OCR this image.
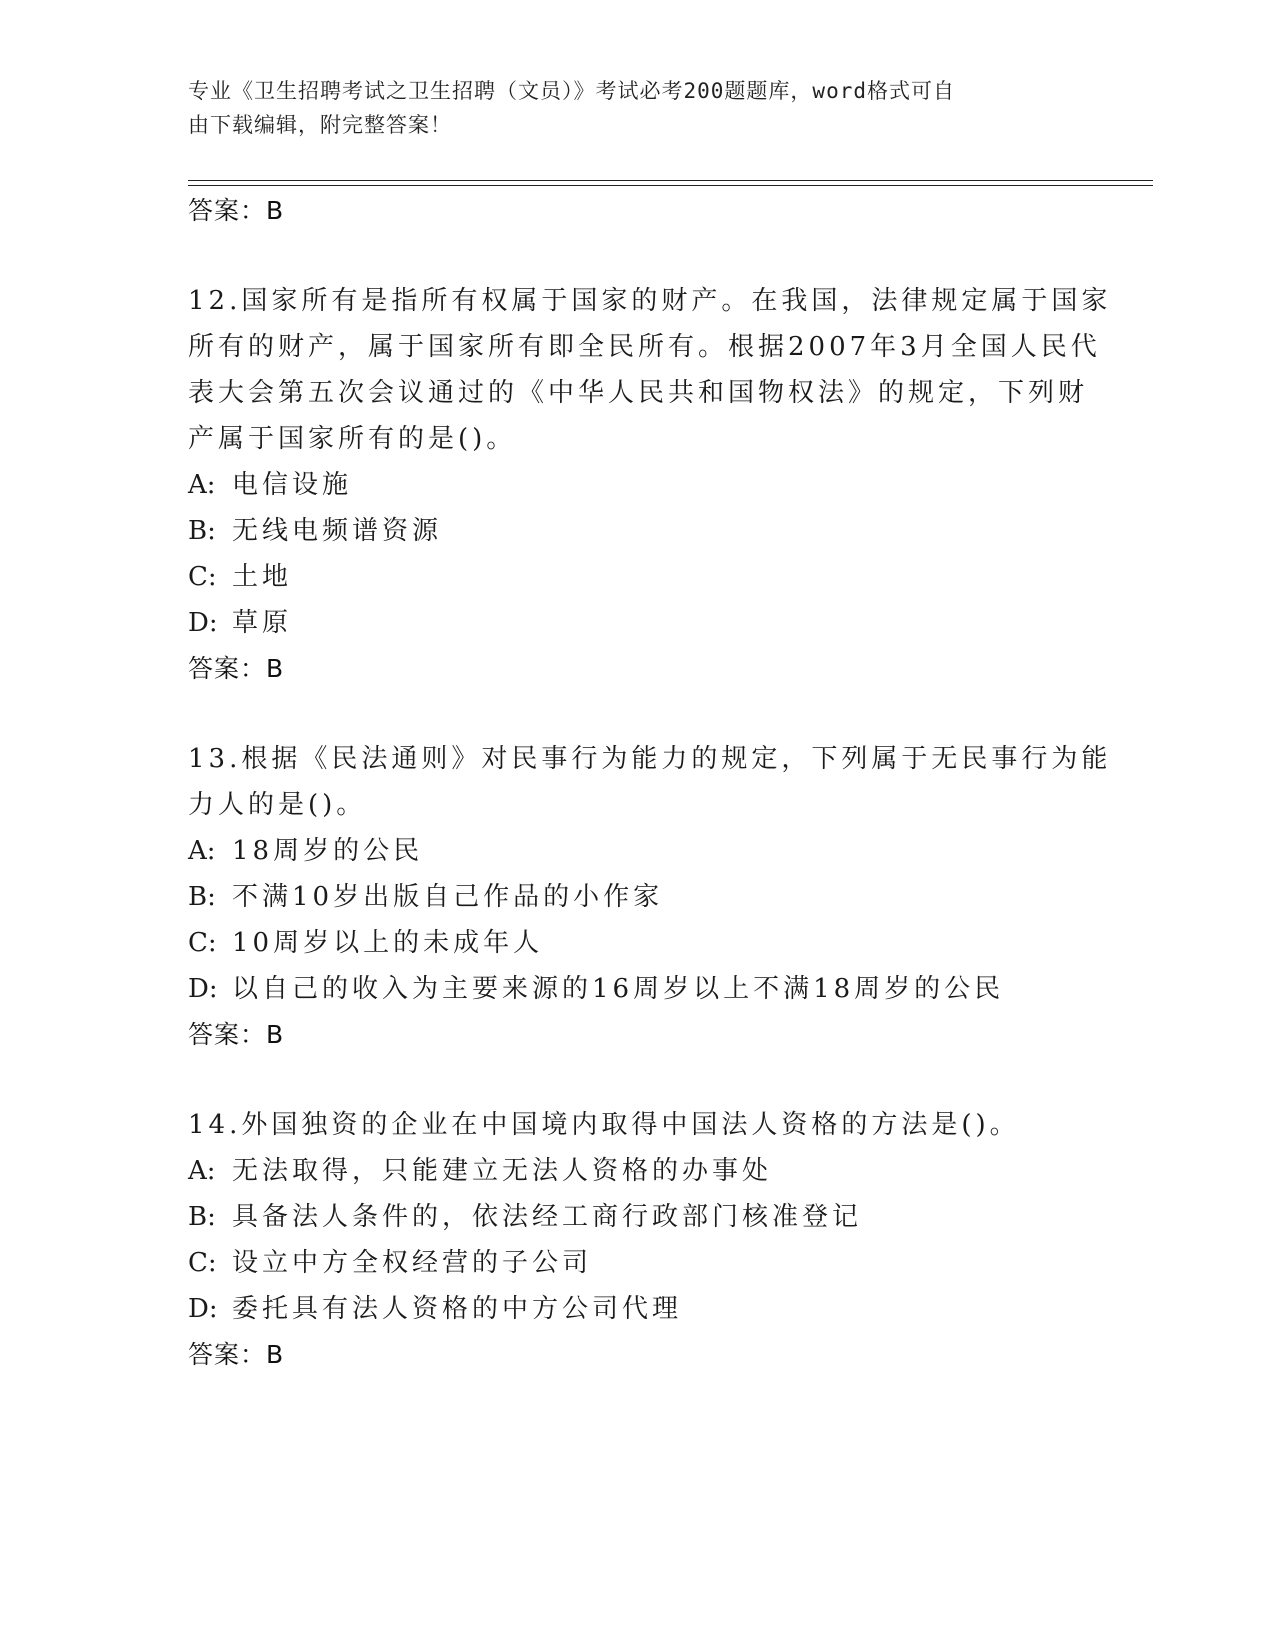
专业《卫生招聘考试之卫生招聘（文员）》考试必考200题题库，word格式可自
由下载编辑，附完整答案！
答案：B
12.国家所有是指所有权属于国家的财产。在我国，法律规定属于国家
所有的财产，属于国家所有即全民所有。根据2007年3月全国人民代
表大会第五次会议通过的《中华人民共和国物权法》的规定，下列财
产属于国家所有的是()。
A: 电信设施
B: 无线电频谱资源
C: 土地
D: 草原
答案：B
13.根据《民法通则》对民事行为能力的规定，下列属于无民事行为能
力人的是()。
A: 18周岁的公民
B: 不满10岁出版自己作品的小作家
C: 10周岁以上的未成年人
D: 以自己的收入为主要来源的16周岁以上不满18周岁的公民
答案：B
14.外国独资的企业在中国境内取得中国法人资格的方法是()。
A: 无法取得，只能建立无法人资格的办事处
B: 具备法人条件的，依法经工商行政部门核准登记
C: 设立中方全权经营的子公司
D: 委托具有法人资格的中方公司代理
答案：B
